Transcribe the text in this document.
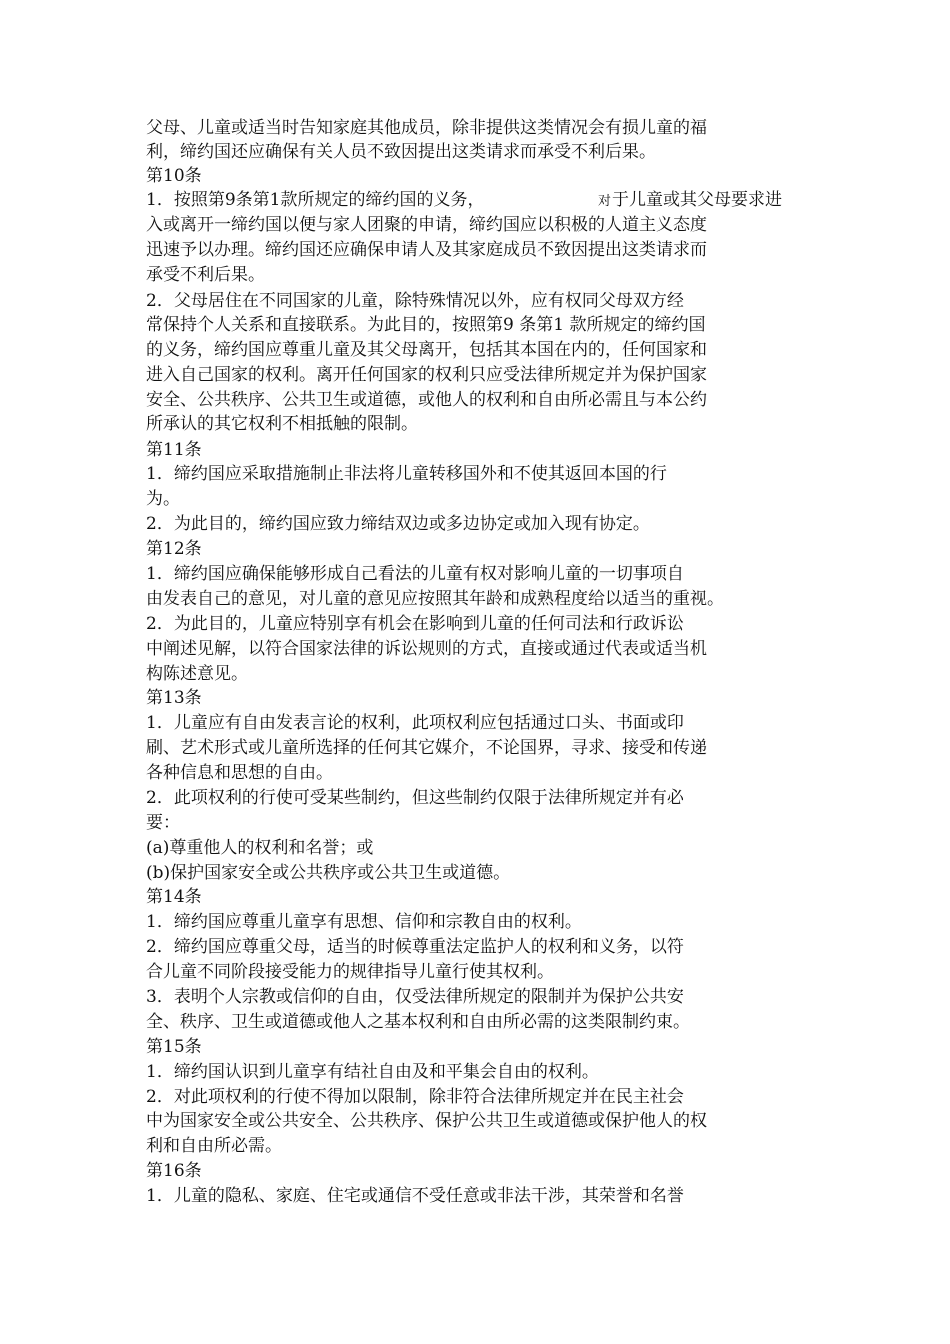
父母、儿童或适当时告知家庭其他成员，除非提供这类情况会有损儿童的福

利，缔约国还应确保有关人员不致因提出这类请求而承受不利后果。

第10条

1．按照第9条第1款所规定的缔约国的义务，	对 于儿童或其父母要求进

入或离开一缔约国以便与家人团聚的申请，缔约国应以积极的人道主义态度

迅速予以办理。缔约国还应确保申请人及其家庭成员不致因提出这类请求而

承受不利后果。

2．父母居住在不同国家的儿童，除特殊情况以外，应有权同父母双方经

常保持个人关系和直接联系。为此目的，按照第9 条第1 款所规定的缔约国

的义务，缔约国应尊重儿童及其父母离开，包括其本国在内的，任何国家和

进入自己国家的权利。离开任何国家的权利只应受法律所规定并为保护国家

安全、公共秩序、公共卫生或道德，或他人的权利和自由所必需且与本公约

所承认的其它权利不相抵触的限制。

第11条

1．缔约国应采取措施制止非法将儿童转移国外和不使其返回本国的行

为。

2．为此目的，缔约国应致力缔结双边或多边协定或加入现有协定。

第12条

1．缔约国应确保能够形成自己看法的儿童有权对影响儿童的一切事项自

由发表自己的意见，对儿童的意见应按照其年龄和成熟程度给以适当的重视。

2．为此目的，儿童应特别享有机会在影响到儿童的任何司法和行政诉讼

中阐述见解，以符合国家法律的诉讼规则的方式，直接或通过代表或适当机

构陈述意见。

第13条

1．儿童应有自由发表言论的权利，此项权利应包括通过口头、书面或印

刷、艺术形式或儿童所选择的任何其它媒介，不论国界，寻求、接受和传递

各种信息和思想的自由。

2．此项权利的行使可受某些制约，但这些制约仅限于法律所规定并有必

要：

(a)尊重他人的权利和名誉；或

(b)保护国家安全或公共秩序或公共卫生或道德。

第14条

1．缔约国应尊重儿童享有思想、信仰和宗教自由的权利。

2．缔约国应尊重父母，适当的时候尊重法定监护人的权利和义务，以符

合儿童不同阶段接受能力的规律指导儿童行使其权利。

3．表明个人宗教或信仰的自由，仅受法律所规定的限制并为保护公共安

全、秩序、卫生或道德或他人之基本权利和自由所必需的这类限制约束。

第15条

1．缔约国认识到儿童享有结社自由及和平集会自由的权利。

2．对此项权利的行使不得加以限制，除非符合法律所规定并在民主社会

中为国家安全或公共安全、公共秩序、保护公共卫生或道德或保护他人的权

利和自由所必需。

第16条

1．儿童的隐私、家庭、住宅或通信不受任意或非法干涉，其荣誉和名誉
